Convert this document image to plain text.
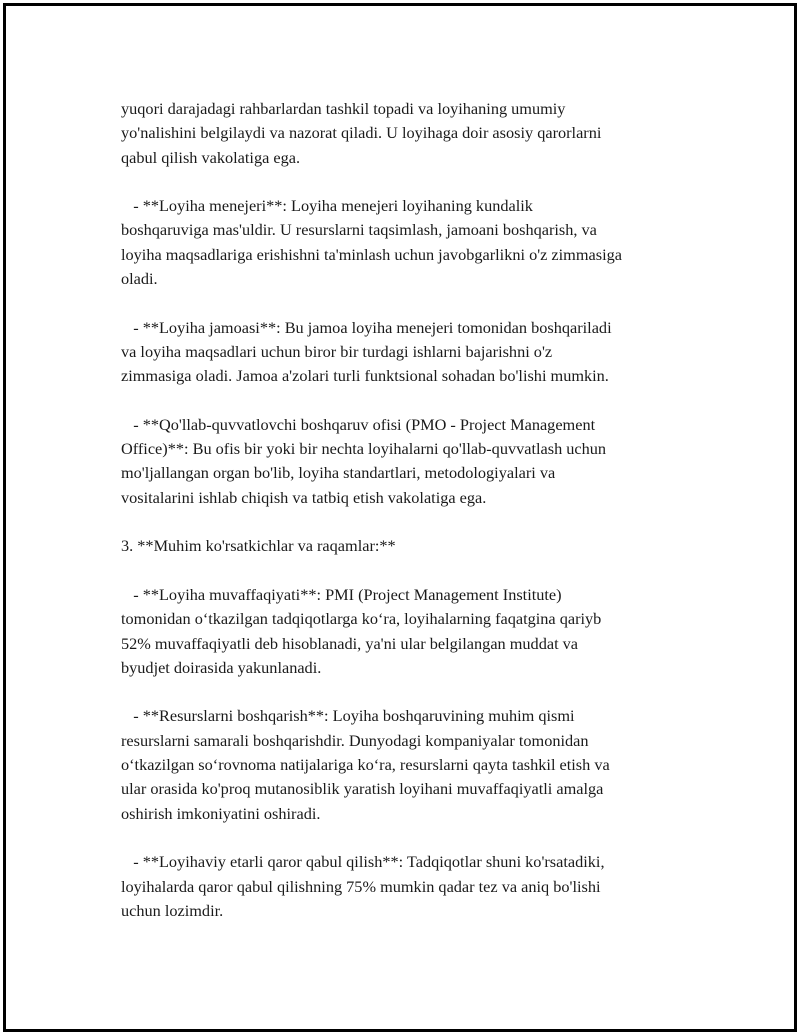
yuqori darajadagi rahbarlardan tashkil topadi va loyihaning umumiy
yo'nalishini belgilaydi va nazorat qiladi. U loyihaga doir asosiy qarorlarni
qabul qilish vakolatiga ega.

- **Loyiha menejeri**: Loyiha menejeri loyihaning kundalik
boshqaruviga mas'uldir. U resurslarni taqsimlash, jamoani boshqarish, va
loyiha maqsadlariga erishishni ta'minlash uchun javobgarlikni o'z zimmasiga
oladi.

- **Loyiha jamoasi**: Bu jamoa loyiha menejeri tomonidan boshqariladi
va loyiha maqsadlari uchun biror bir turdagi ishlarni bajarishni o'z
zimmasiga oladi. Jamoa a'zolari turli funktsional sohadan bo'lishi mumkin.

- **Qo'llab-quvvatlovchi boshqaruv ofisi (PMO - Project Management
Office)**: Bu ofis bir yoki bir nechta loyihalarni qo'llab-quvvatlash uchun
mo'ljallangan organ bo'lib, loyiha standartlari, metodologiyalari va
vositalarini ishlab chiqish va tatbiq etish vakolatiga ega.

3. **Muhim ko'rsatkichlar va raqamlar:**

- **Loyiha muvaffaqiyati**: PMI (Project Management Institute)
tomonidan o‘tkazilgan tadqiqotlarga ko‘ra, loyihalarning faqatgina qariyb
52% muvaffaqiyatli deb hisoblanadi, ya'ni ular belgilangan muddat va
byudjet doirasida yakunlanadi.

- **Resurslarni boshqarish**: Loyiha boshqaruvining muhim qismi
resurslarni samarali boshqarishdir. Dunyodagi kompaniyalar tomonidan
o‘tkazilgan so‘rovnoma natijalariga ko‘ra, resurslarni qayta tashkil etish va
ular orasida ko'proq mutanosiblik yaratish loyihani muvaffaqiyatli amalga
oshirish imkoniyatini oshiradi.

- **Loyihaviy etarli qaror qabul qilish**: Tadqiqotlar shuni ko'rsatadiki,
loyihalarda qaror qabul qilishning 75% mumkin qadar tez va aniq bo'lishi
uchun lozimdir.
